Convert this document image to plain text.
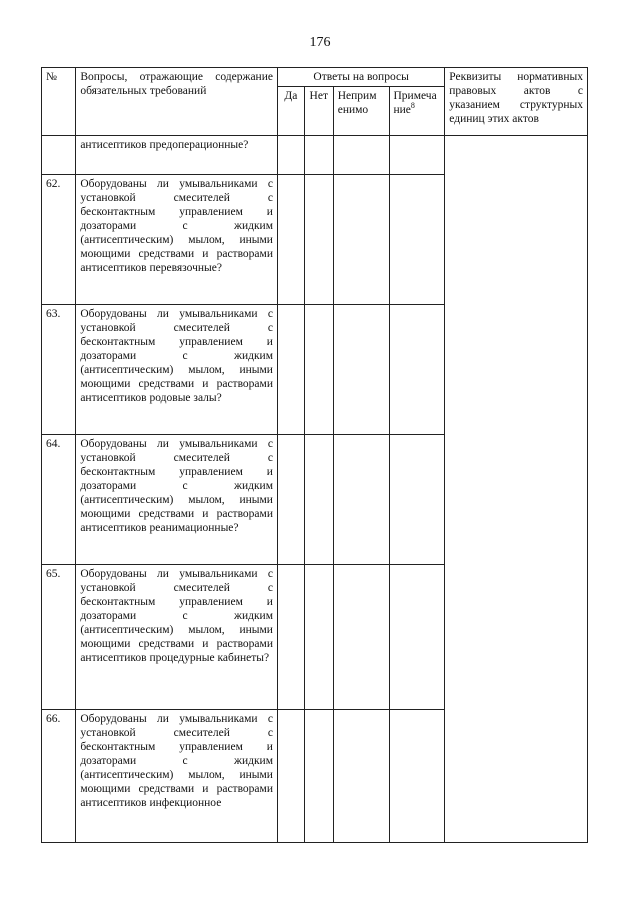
176
№	Вопросы, отражающие содержание обязательных требований	Ответы на вопросы				Реквизиты нормативных правовых актов с указанием структурных единиц этих актов
		Да	Нет	Неприм енимо	Примеча ние$^8$
	антисептиков предоперационные?					
62.	Оборудованы ли умывальниками с установкой смесителей с бесконтактным управлением и дозаторами с жидким (антисептическим) мылом, иными моющими средствами и растворами антисептиков перевязочные?					
63.	Оборудованы ли умывальниками с установкой смесителей с бесконтактным управлением и дозаторами с жидким (антисептическим) мылом, иными моющими средствами и растворами антисептиков родовые залы?					
64.	Оборудованы ли умывальниками с установкой смесителей с бесконтактным управлением и дозаторами с жидким (антисептическим) мылом, иными моющими средствами и растворами антисептиков реанимационные?					
65.	Оборудованы ли умывальниками с установкой смесителей с бесконтактным управлением и дозаторами с жидким (антисептическим) мылом, иными моющими средствами и растворами антисептиков процедурные кабинеты?					
66.	Оборудованы ли умывальниками с установкой смесителей с бесконтактным управлением и дозаторами с жидким (антисептическим) мылом, иными моющими средствами и растворами антисептиков инфекционное					
